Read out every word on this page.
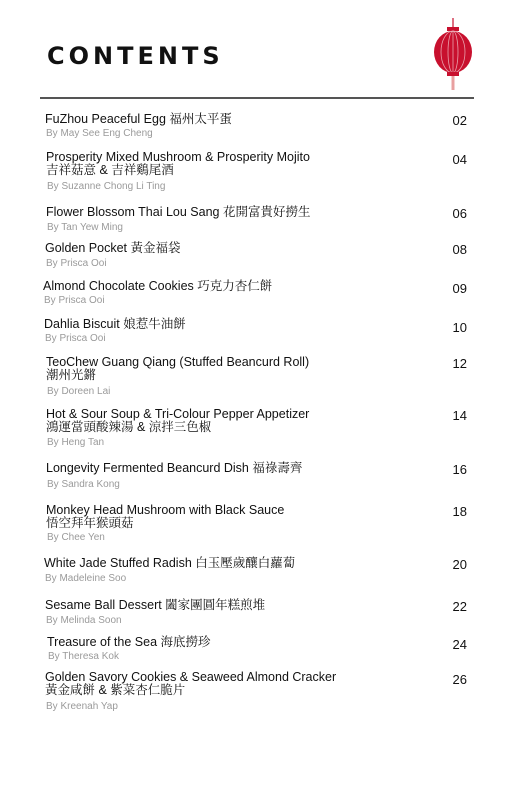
CONTENTS
FuZhou Peaceful Egg 福州太平蛋
By May See Eng Cheng
02
Prosperity Mixed Mushroom & Prosperity Mojito
吉祥菇意 & 吉祥鷄尾酒
By Suzanne Chong Li Ting
04
Flower Blossom Thai Lou Sang 花開富貴好撈生
By Tan Yew Ming
06
Golden Pocket 黃金福袋
By Prisca Ooi
08
Almond Chocolate Cookies 巧克力杏仁餅
By Prisca Ooi
09
Dahlia Biscuit 娘惹牛油餅
By Prisca Ooi
10
TeoChew Guang Qiang (Stuffed Beancurd Roll)
潮州光鏘
By Doreen Lai
12
Hot & Sour Soup & Tri-Colour Pepper Appetizer
鴻運當頭酸辣湯 & 涼拌三色椒
By Heng Tan
14
Longevity Fermented Beancurd Dish 福祿壽齊
By Sandra Kong
16
Monkey Head Mushroom with Black Sauce
悟空拜年猴頭菇
By Chee Yen
18
White Jade Stuffed Radish 白玉壓歲釀白蘿蔔
By Madeleine Soo
20
Sesame Ball Dessert 闔家團圓年糕煎堆
By Melinda Soon
22
Treasure of the Sea 海底撈珍
By Theresa Kok
24
Golden Savory Cookies & Seaweed Almond Cracker
黃金咸餅 & 紫菜杏仁脆片
By Kreenah Yap
26
